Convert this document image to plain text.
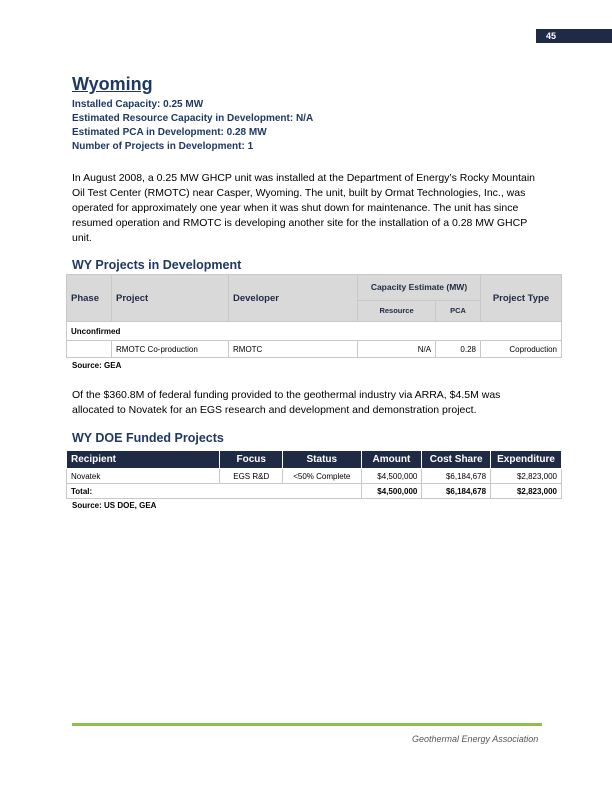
45
Wyoming
Installed Capacity: 0.25 MW
Estimated Resource Capacity in Development: N/A
Estimated PCA in Development: 0.28 MW
Number of Projects in Development: 1
In August 2008, a 0.25 MW GHCP unit was installed at the Department of Energy’s Rocky Mountain Oil Test Center (RMOTC) near Casper, Wyoming. The unit, built by Ormat Technologies, Inc., was operated for approximately one year when it was shut down for maintenance. The unit has since resumed operation and RMOTC is developing another site for the installation of a 0.28 MW GHCP unit.
WY Projects in Development
Phase	Project	Developer	Capacity Estimate (MW)		Project Type
			Resource	PCA	
Unconfirmed					
	RMOTC Co-production	RMOTC	N/A	0.28	Coproduction
Source: GEA
Of the $360.8M of federal funding provided to the geothermal industry via ARRA, $4.5M was allocated to Novatek for an EGS research and development and demonstration project.
WY DOE Funded Projects
Recipient	Focus	Status	Amount	Cost Share	Expenditure
Novatek	EGS R&D	<50% Complete	$4,500,000	$6,184,678	$2,823,000
Total:			$4,500,000	$6,184,678	$2,823,000
Source: US DOE, GEA
Geothermal Energy Association
